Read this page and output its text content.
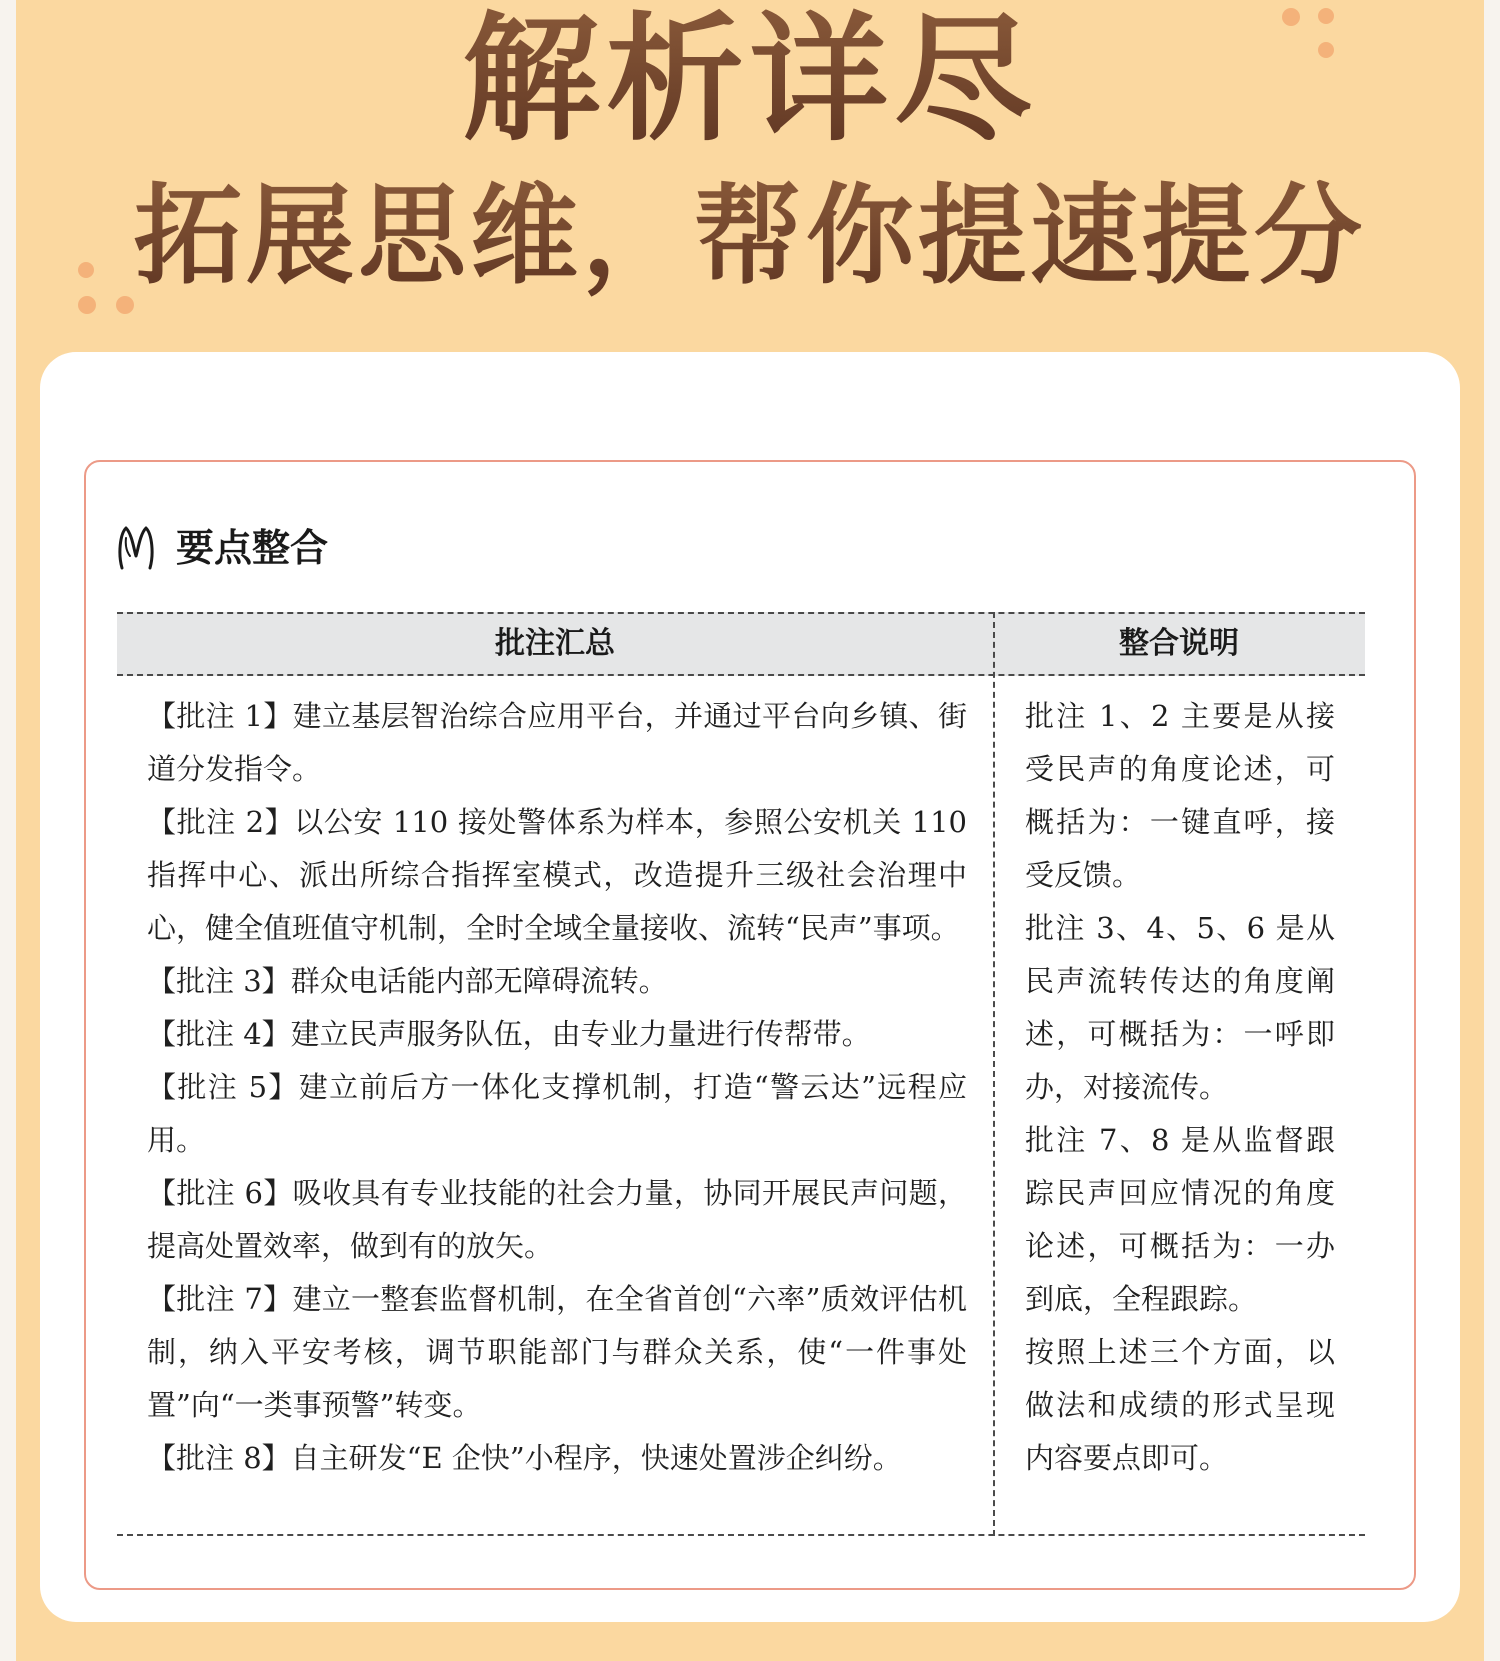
解析详尽
拓展思维，帮你提速提分
要点整合
批注汇总	整合说明

【批注 1】建立基层智治综合应用平台，并通过平台向乡镇、街道分发指令。

【批注 2】以公安 110 接处警体系为样本，参照公安机关 110 指挥中心、派出所综合指挥室模式，改造提升三级社会治理中心，健全值班值守机制，全时全域全量接收、流转“民声”事项。

【批注 3】群众电话能内部无障碍流转。

【批注 4】建立民声服务队伍，由专业力量进行传帮带。

【批注 5】建立前后方一体化支撑机制，打造“警云达”远程应用。

【批注 6】吸收具有专业技能的社会力量，协同开展民声问题，提高处置效率，做到有的放矢。

【批注 7】建立一整套监督机制，在全省首创“六率”质效评估机制，纳入平安考核，调节职能部门与群众关系，使“一件事处置”向“一类事预警”转变。

【批注 8】自主研发“E 企快”小程序，快速处置涉企纠纷。

批注 1、2 主要是从接受民声的角度论述，可概括为：一键直呼，接受反馈。

批注 3、4、5、6 是从民声流转传达的角度阐述，可概括为：一呼即办，对接流传。

批注 7、8 是从监督跟踪民声回应情况的角度论述，可概括为：一办到底，全程跟踪。

按照上述三个方面，以做法和成绩的形式呈现内容要点即可。
